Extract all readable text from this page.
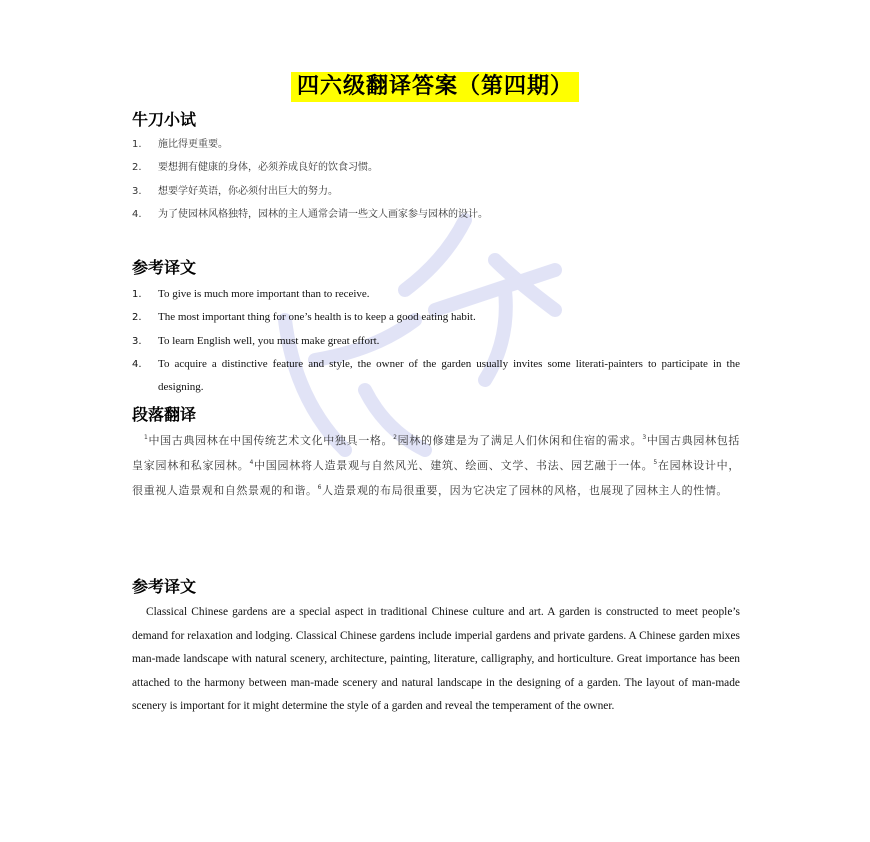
四六级翻译答案（第四期）
牛刀小试
1. 施比得更重要。
2. 要想拥有健康的身体，必须养成良好的饮食习惯。
3. 想要学好英语，你必须付出巨大的努力。
4. 为了使园林风格独特，园林的主人通常会请一些文人画家参与园林的设计。
参考译文
1. To give is much more important than to receive.
2. The most important thing for one’s health is to keep a good eating habit.
3. To learn English well, you must make great effort.
4. To acquire a distinctive feature and style, the owner of the garden usually invites some literati-painters to participate in the designing.
段落翻译

$^1$中国古典园林在中国传统艺术文化中独具一格。$^2$园林的修建是为了满足人们休闲和住宿的需求。$^3$中国古典园林包括皇家园林和私家园林。$^4$中国园林将人造景观与自然风光、建筑、绘画、文学、书法、园艺融于一体。$^5$在园林设计中，很重视人造景观和自然景观的和谐。$^6$人造景观的布局很重要，因为它决定了园林的风格，也展现了园林主人的性情。

参考译文

Classical Chinese gardens are a special aspect in traditional Chinese culture and art. A garden is constructed to meet people’s demand for relaxation and lodging. Classical Chinese gardens include imperial gardens and private gardens. A Chinese garden mixes man-made landscape with natural scenery, architecture, painting, literature, calligraphy, and horticulture. Great importance has been attached to the harmony between man-made scenery and natural landscape in the designing of a garden. The layout of man-made scenery is important for it might determine the style of a garden and reveal the temperament of the owner.
